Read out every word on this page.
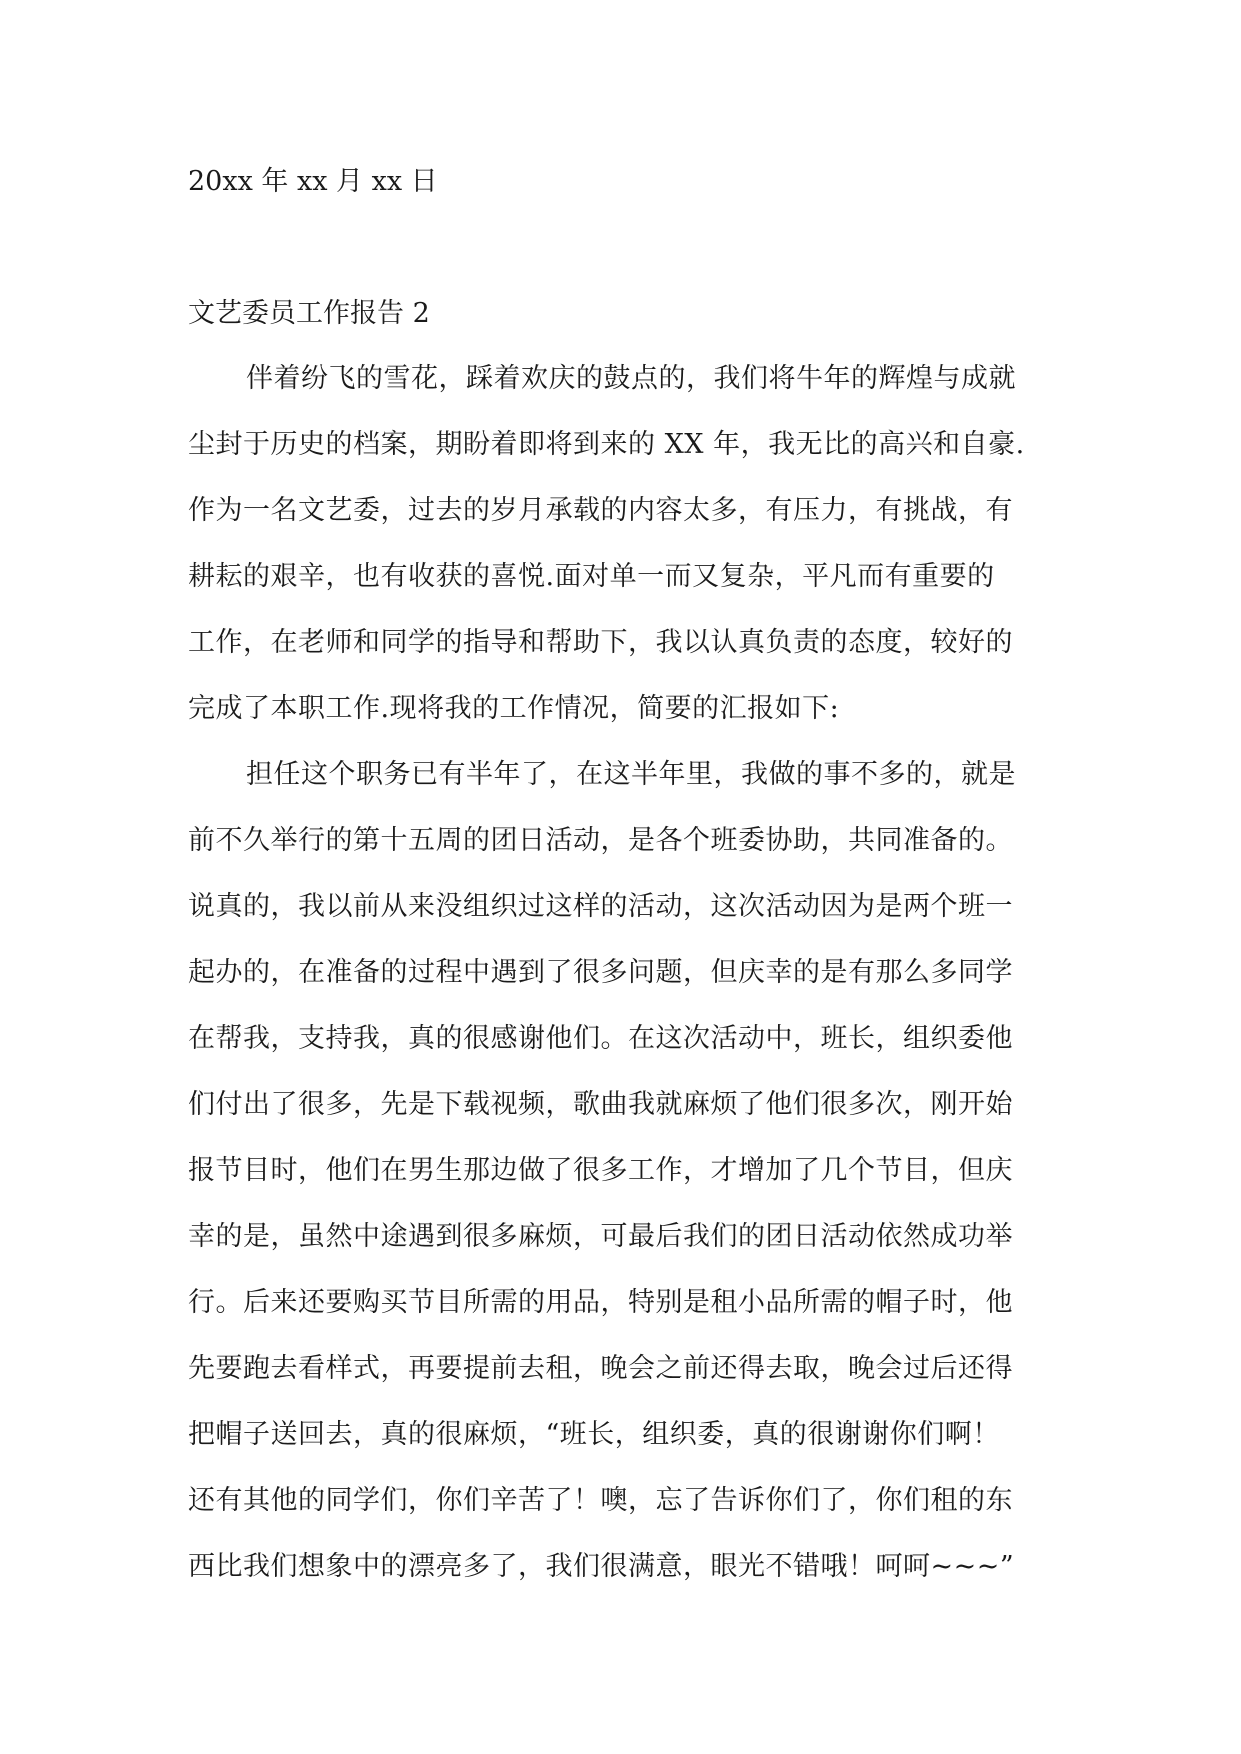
20xx 年 xx 月 xx 日
文艺委员工作报告 2
伴着纷飞的雪花，踩着欢庆的鼓点的，我们将牛年的辉煌与成就
尘封于历史的档案，期盼着即将到来的 XX 年，我无比的高兴和自豪.
作为一名文艺委，过去的岁月承载的内容太多，有压力，有挑战，有
耕耘的艰辛，也有收获的喜悦.面对单一而又复杂，平凡而有重要的
工作，在老师和同学的指导和帮助下，我以认真负责的态度，较好的
完成了本职工作.现将我的工作情况，简要的汇报如下:
担任这个职务已有半年了，在这半年里，我做的事不多的，就是
前不久举行的第十五周的团日活动，是各个班委协助，共同准备的。
说真的，我以前从来没组织过这样的活动，这次活动因为是两个班一
起办的，在准备的过程中遇到了很多问题，但庆幸的是有那么多同学
在帮我，支持我，真的很感谢他们。在这次活动中，班长，组织委他
们付出了很多，先是下载视频，歌曲我就麻烦了他们很多次，刚开始
报节目时，他们在男生那边做了很多工作，才增加了几个节目，但庆
幸的是，虽然中途遇到很多麻烦，可最后我们的团日活动依然成功举
行。后来还要购买节目所需的用品，特别是租小品所需的帽子时，他
先要跑去看样式，再要提前去租，晚会之前还得去取，晚会过后还得
把帽子送回去，真的很麻烦，“班长，组织委，真的很谢谢你们啊！
还有其他的同学们，你们辛苦了！噢，忘了告诉你们了，你们租的东
西比我们想象中的漂亮多了，我们很满意，眼光不错哦！呵呵~~~”
